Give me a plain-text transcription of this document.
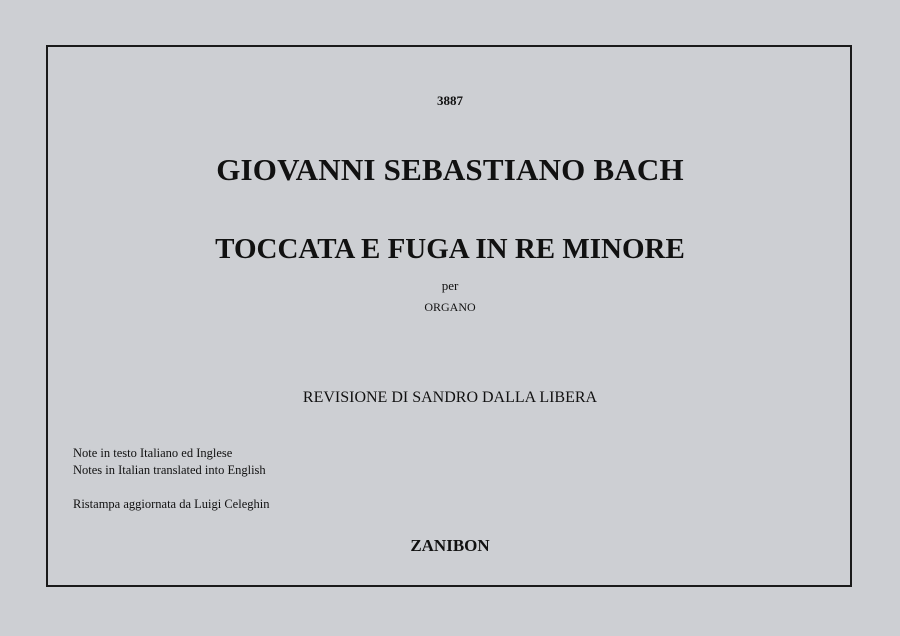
3887
GIOVANNI SEBASTIANO BACH
TOCCATA E FUGA IN RE MINORE
per
ORGANO
REVISIONE DI SANDRO DALLA LIBERA
Note in testo Italiano ed Inglese
Notes in Italian translated into English
Ristampa aggiornata da Luigi Celeghin
ZANIBON
